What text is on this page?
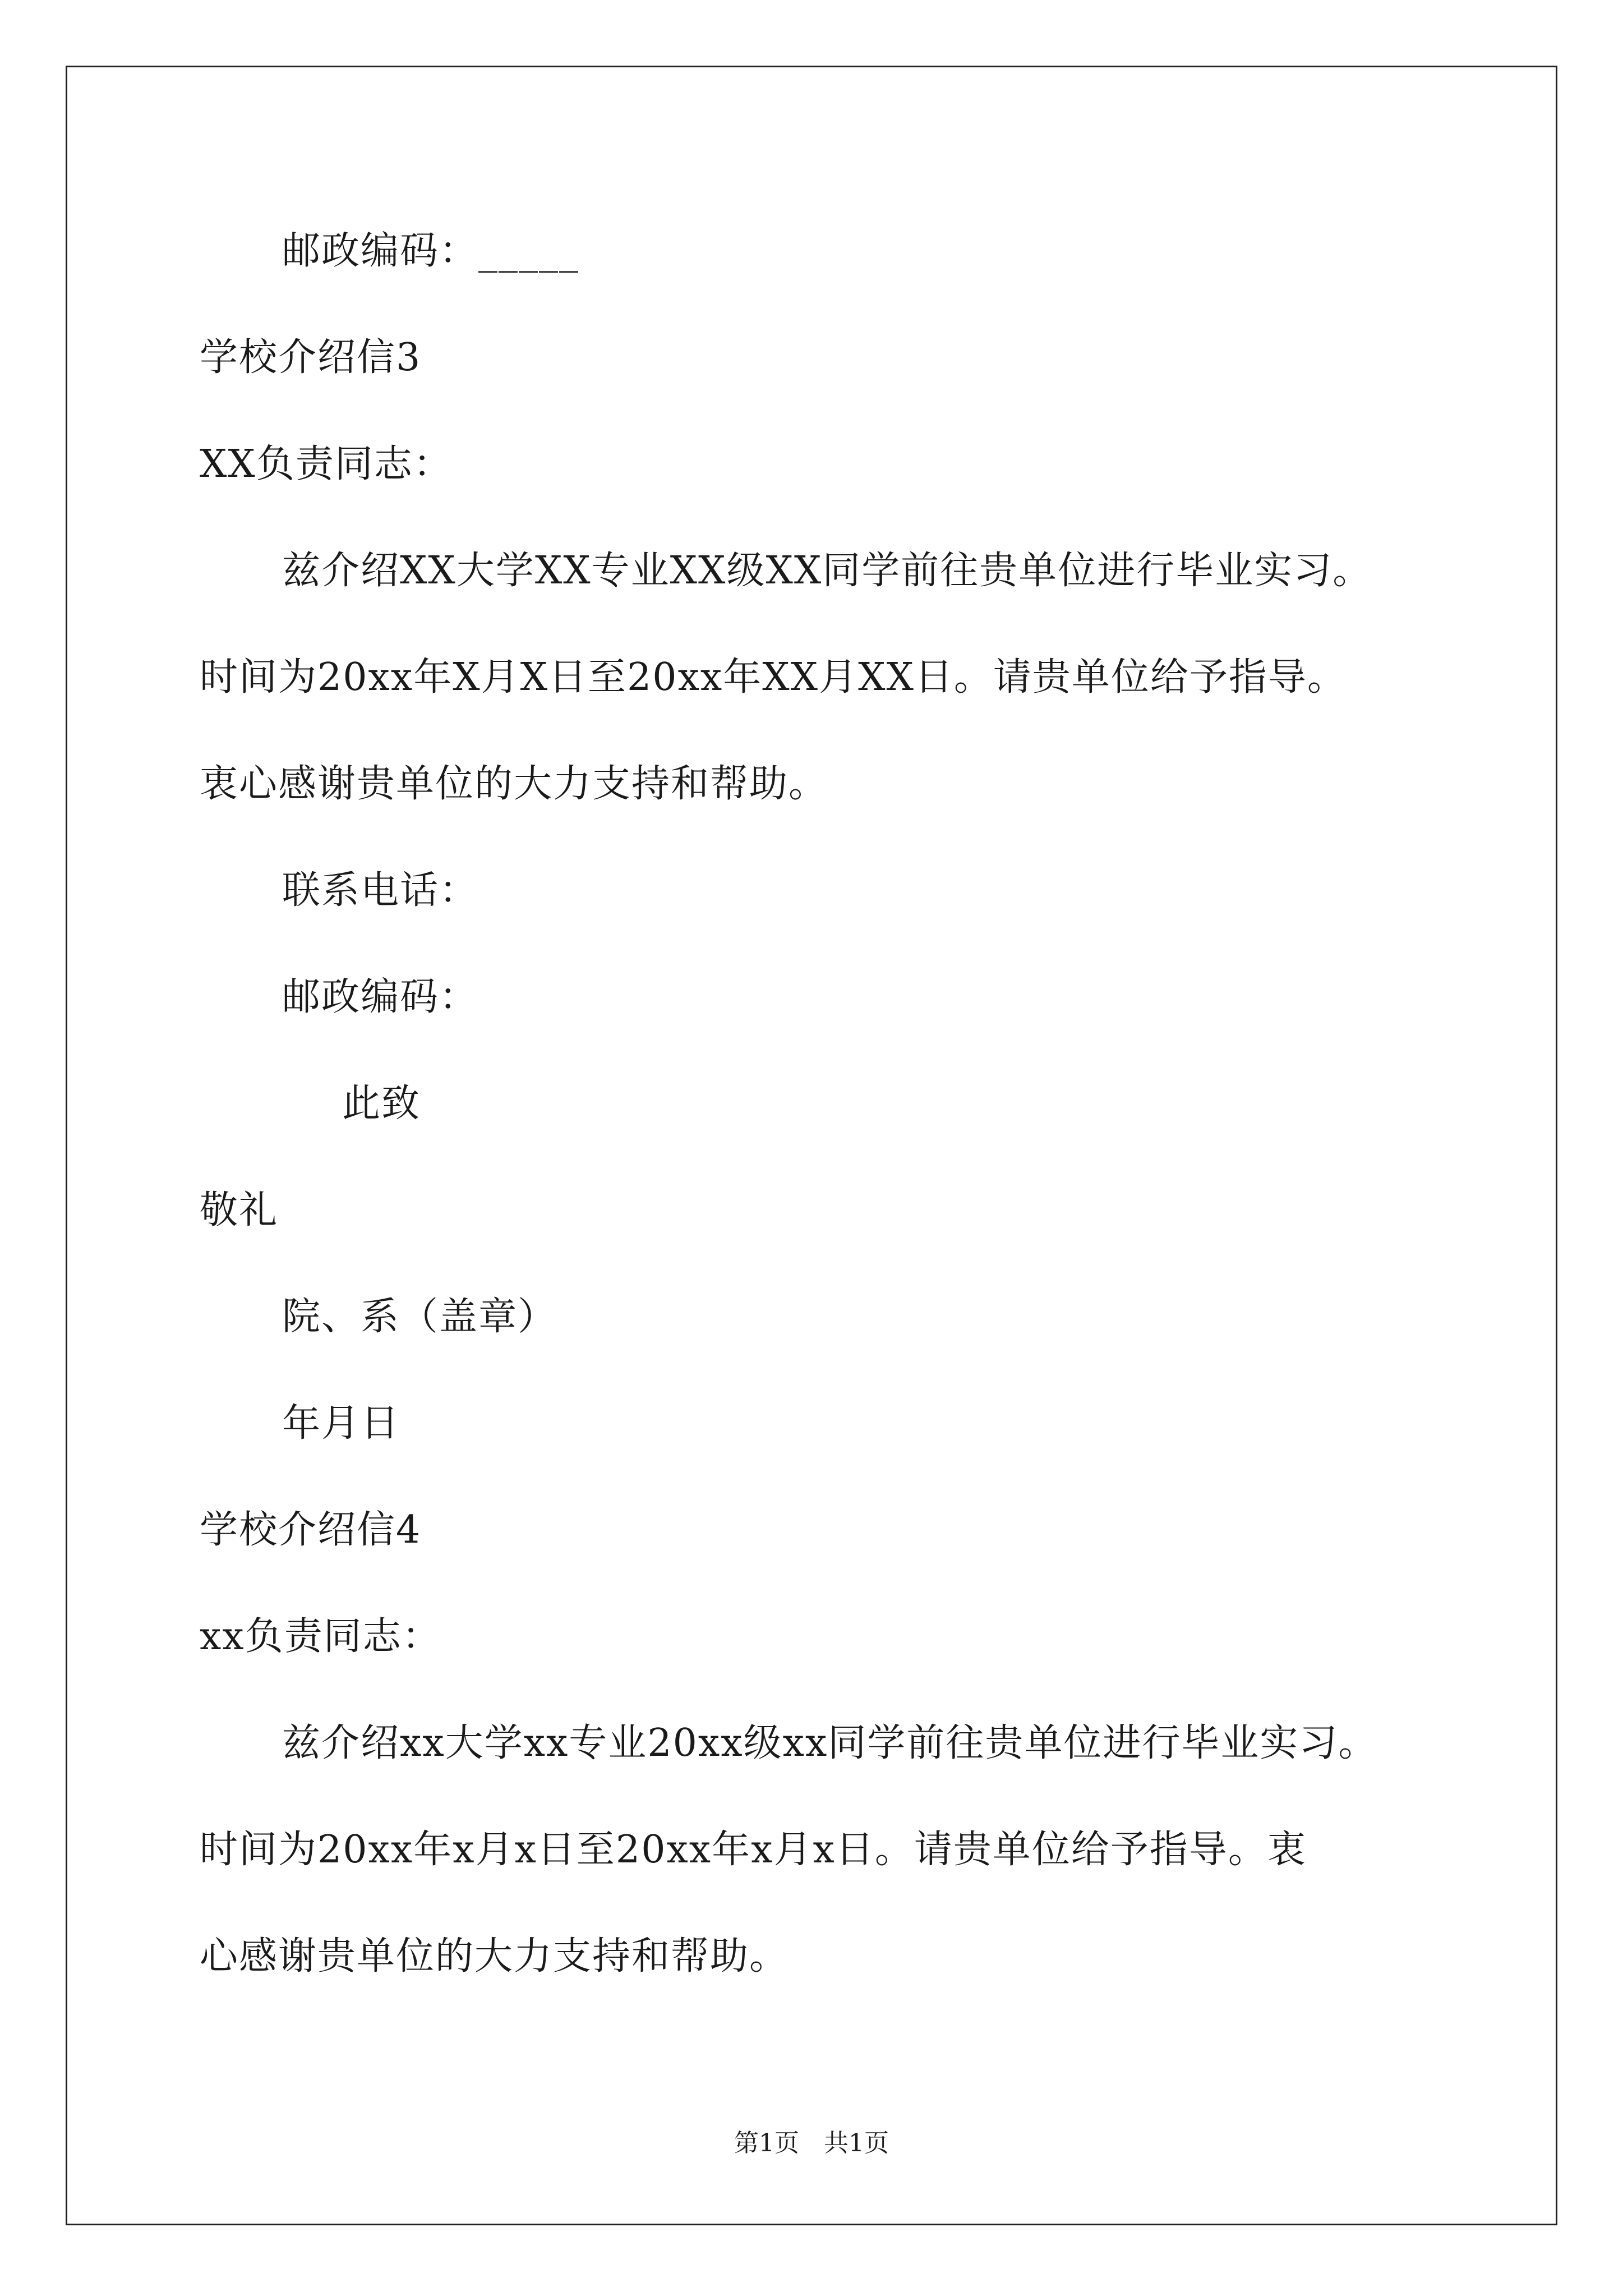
邮政编码：_____
学校介绍信3
XX负责同志：
兹介绍XX大学XX专业XX级XX同学前往贵单位进行毕业实习。
时间为20xx年X月X日至20xx年XX月XX日。请贵单位给予指导。
衷心感谢贵单位的大力支持和帮助。
联系电话：
邮政编码：
此致
敬礼
院、系（盖章）
年月日
学校介绍信4
xx负责同志：
兹介绍xx大学xx专业20xx级xx同学前往贵单位进行毕业实习。
时间为20xx年x月x日至20xx年x月x日。请贵单位给予指导。衷
心感谢贵单位的大力支持和帮助。
第1页　共1页
